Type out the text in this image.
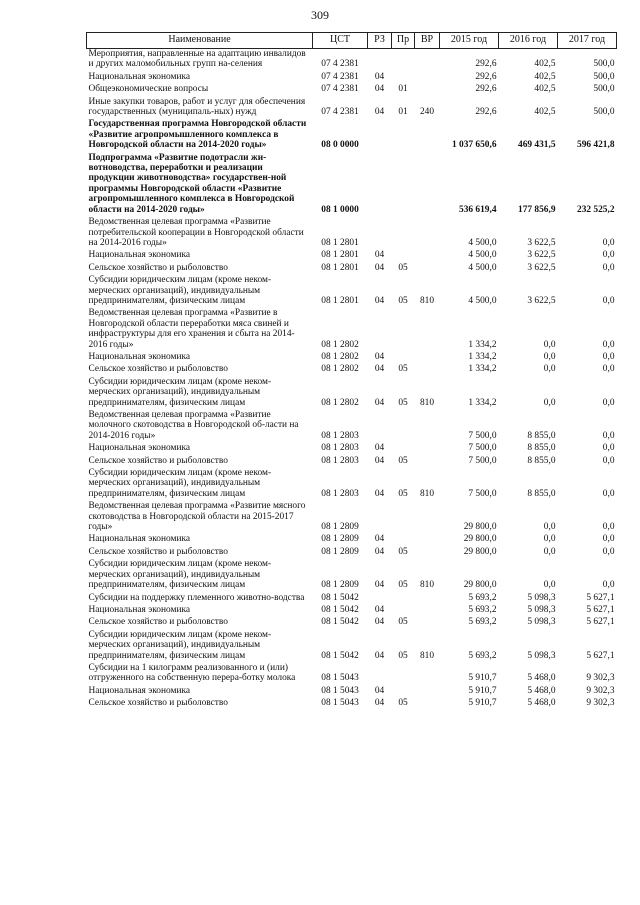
309
Наименование	ЦСТ	РЗ	Пр	ВР	2015 год	2016 год	2017 год
Мероприятия, направленные на адаптацию инвалидов и других маломобильных групп на-селения	07 4 2381				292,6	402,5	500,0
Национальная экономика	07 4 2381	04			292,6	402,5	500,0
Общеэкономические вопросы	07 4 2381	04	01		292,6	402,5	500,0
Иные закупки товаров, работ и услуг для обеспечения государственных (муниципаль-ных) нужд	07 4 2381	04	01	240	292,6	402,5	500,0
Государственная программа Новгородской области «Развитие агропромышленного комплекса в Новгородской области на 2014-2020 годы»	08 0 0000				1 037 650,6	469 431,5	596 421,8
Подпрограмма «Развитие подотрасли жи-вотноводства, переработки и реализации продукции животноводства» государствен-ной программы Новгородской области «Развитие агропромышленного комплекса в Новгородской области на 2014-2020 годы»	08 1 0000				536 619,4	177 856,9	232 525,2
Ведомственная целевая программа «Развитие потребительской кооперации в Новгородской области на 2014-2016 годы»	08 1 2801				4 500,0	3 622,5	0,0
Национальная экономика	08 1 2801	04			4 500,0	3 622,5	0,0
Сельское хозяйство и рыболовство	08 1 2801	04	05		4 500,0	3 622,5	0,0
Субсидии юридическим лицам (кроме неком-мерческих организаций), индивидуальным предпринимателям, физическим лицам	08 1 2801	04	05	810	4 500,0	3 622,5	0,0
Ведомственная целевая программа «Развитие в Новгородской области переработки мяса свиней и инфраструктуры для его хранения и сбыта на 2014-2016 годы»	08 1 2802				1 334,2	0,0	0,0
Национальная экономика	08 1 2802	04			1 334,2	0,0	0,0
Сельское хозяйство и рыболовство	08 1 2802	04	05		1 334,2	0,0	0,0
Субсидии юридическим лицам (кроме неком-мерческих организаций), индивидуальным предпринимателям, физическим лицам	08 1 2802	04	05	810	1 334,2	0,0	0,0
Ведомственная целевая программа «Развитие молочного скотоводства в Новгородской об-ласти на 2014-2016 годы»	08 1 2803				7 500,0	8 855,0	0,0
Национальная экономика	08 1 2803	04			7 500,0	8 855,0	0,0
Сельское хозяйство и рыболовство	08 1 2803	04	05		7 500,0	8 855,0	0,0
Субсидии юридическим лицам (кроме неком-мерческих организаций), индивидуальным предпринимателям, физическим лицам	08 1 2803	04	05	810	7 500,0	8 855,0	0,0
Ведомственная целевая программа «Развитие мясного скотоводства в Новгородской области на 2015-2017 годы»	08 1 2809				29 800,0	0,0	0,0
Национальная экономика	08 1 2809	04			29 800,0	0,0	0,0
Сельское хозяйство и рыболовство	08 1 2809	04	05		29 800,0	0,0	0,0
Субсидии юридическим лицам (кроме неком-мерческих организаций), индивидуальным предпринимателям, физическим лицам	08 1 2809	04	05	810	29 800,0	0,0	0,0
Субсидии на поддержку племенного животно-водства	08 1 5042				5 693,2	5 098,3	5 627,1
Национальная экономика	08 1 5042	04			5 693,2	5 098,3	5 627,1
Сельское хозяйство и рыболовство	08 1 5042	04	05		5 693,2	5 098,3	5 627,1
Субсидии юридическим лицам (кроме неком-мерческих организаций), индивидуальным предпринимателям, физическим лицам	08 1 5042	04	05	810	5 693,2	5 098,3	5 627,1
Субсидии на 1 килограмм реализованного и (или) отгруженного на собственную перера-ботку молока	08 1 5043				5 910,7	5 468,0	9 302,3
Национальная экономика	08 1 5043	04			5 910,7	5 468,0	9 302,3
Сельское хозяйство и рыболовство	08 1 5043	04	05		5 910,7	5 468,0	9 302,3
